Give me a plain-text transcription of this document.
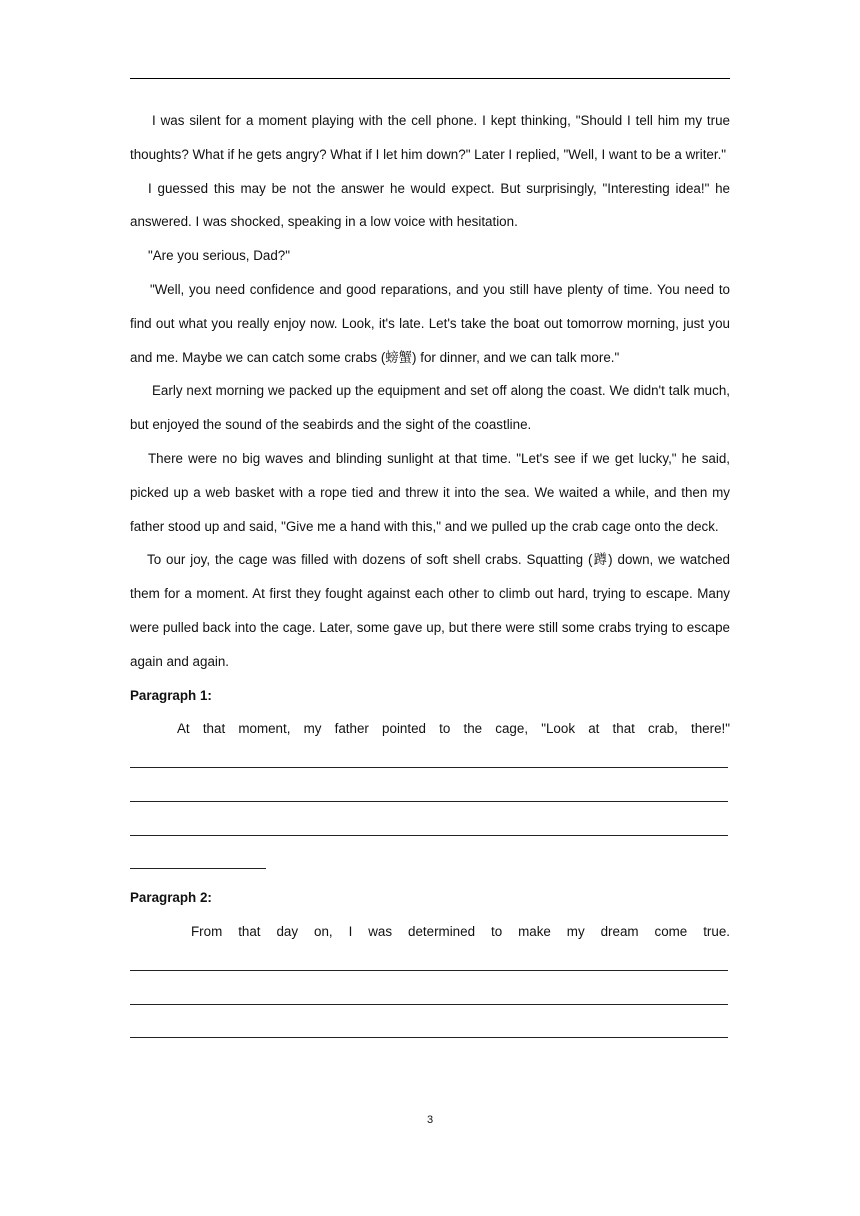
I was silent for a moment playing with the cell phone. I kept thinking, "Should I tell him my true thoughts? What if he gets angry? What if I let him down?" Later I replied, "Well, I want to be a writer."

I guessed this may be not the answer he would expect. But surprisingly, "Interesting idea!" he answered. I was shocked, speaking in a low voice with hesitation.

"Are you serious, Dad?"

"Well, you need confidence and good reparations, and you still have plenty of time. You need to find out what you really enjoy now. Look, it's late. Let's take the boat out tomorrow morning, just you and me. Maybe we can catch some crabs (螃蟹) for dinner, and we can talk more."

Early next morning we packed up the equipment and set off along the coast. We didn't talk much, but enjoyed the sound of the seabirds and the sight of the coastline.

There were no big waves and blinding sunlight at that time. "Let's see if we get lucky," he said, picked up a web basket with a rope tied and threw it into the sea. We waited a while, and then my father stood up and said, "Give me a hand with this," and we pulled up the crab cage onto the deck.

To our joy, the cage was filled with dozens of soft shell crabs. Squatting (蹲) down, we watched them for a moment. At first they fought against each other to climb out hard, trying to escape. Many were pulled back into the cage. Later, some gave up, but there were still some crabs trying to escape again and again.

Paragraph 1:

At that moment, my father pointed to the cage, "Look at that crab, there!"

Paragraph 2:

From that day on, I was determined to make my dream come true.

3
